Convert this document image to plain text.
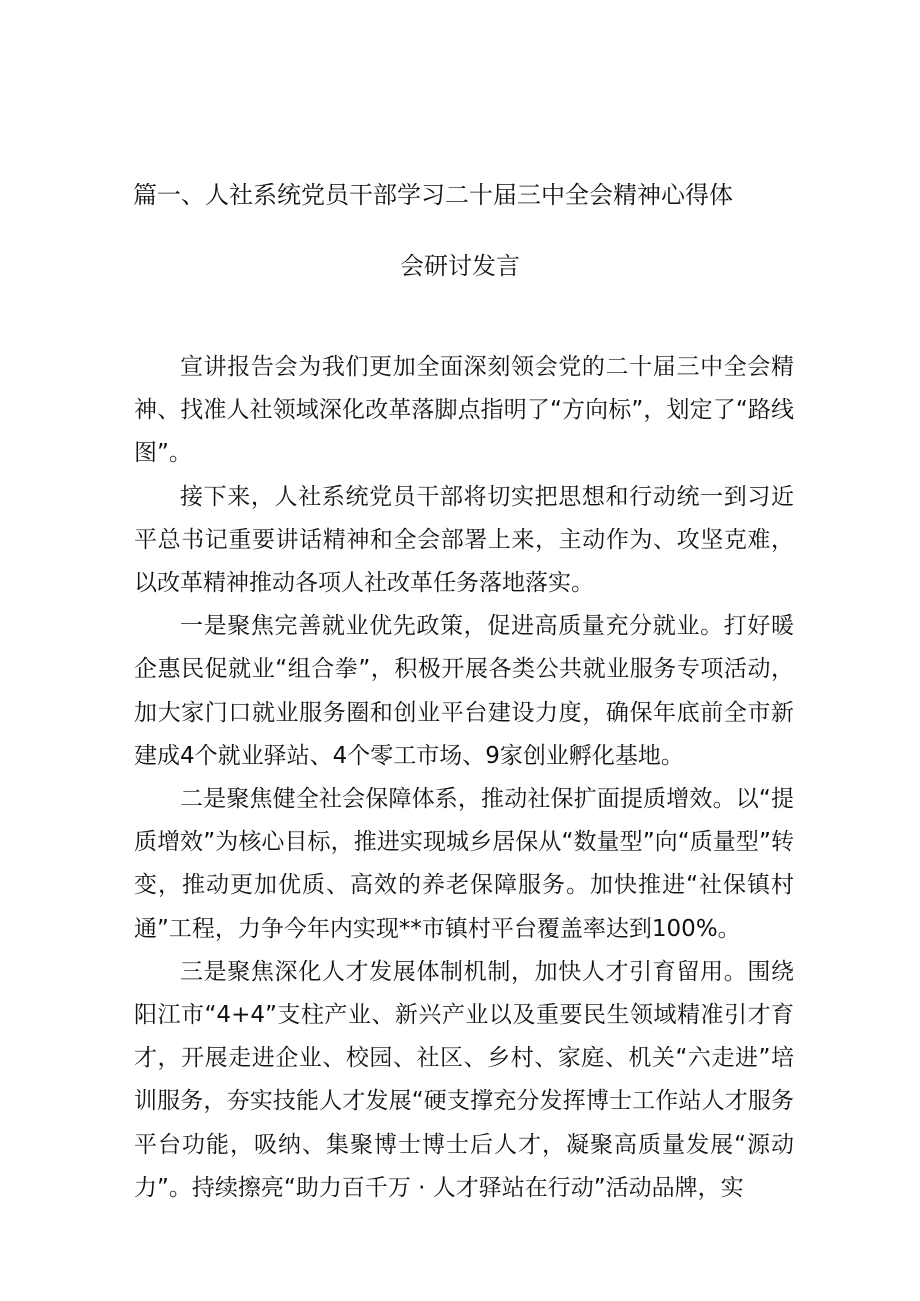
篇一、人社系统党员干部学习二十届三中全会精神心得体
会研讨发言

宣讲报告会为我们更加全面深刻领会党的二十届三中全会精神、找准人社领域深化改革落脚点指明了“方向标”，划定了“路线图”。

接下来，人社系统党员干部将切实把思想和行动统一到习近平总书记重要讲话精神和全会部署上来，主动作为、攻坚克难，以改革精神推动各项人社改革任务落地落实。

一是聚焦完善就业优先政策，促进高质量充分就业。打好暖企惠民促就业“组合拳”，积极开展各类公共就业服务专项活动，加大家门口就业服务圈和创业平台建设力度，确保年底前全市新建成4个就业驿站、4个零工市场、9家创业孵化基地。

二是聚焦健全社会保障体系，推动社保扩面提质增效。以“提质增效”为核心目标，推进实现城乡居保从“数量型”向“质量型”转变，推动更加优质、高效的养老保障服务。加快推进“社保镇村通”工程，力争今年内实现**市镇村平台覆盖率达到100%。

三是聚焦深化人才发展体制机制，加快人才引育留用。围绕阳江市“4+4”支柱产业、新兴产业以及重要民生领域精准引才育才，开展走进企业、校园、社区、乡村、家庭、机关“六走进”培训服务，夯实技能人才发展“硬支撑充分发挥博士工作站人才服务平台功能，吸纳、集聚博士博士后人才，凝聚高质量发展“源动力”。持续擦亮“助力百千万 · 人才驿站在行动”活动品牌，实
